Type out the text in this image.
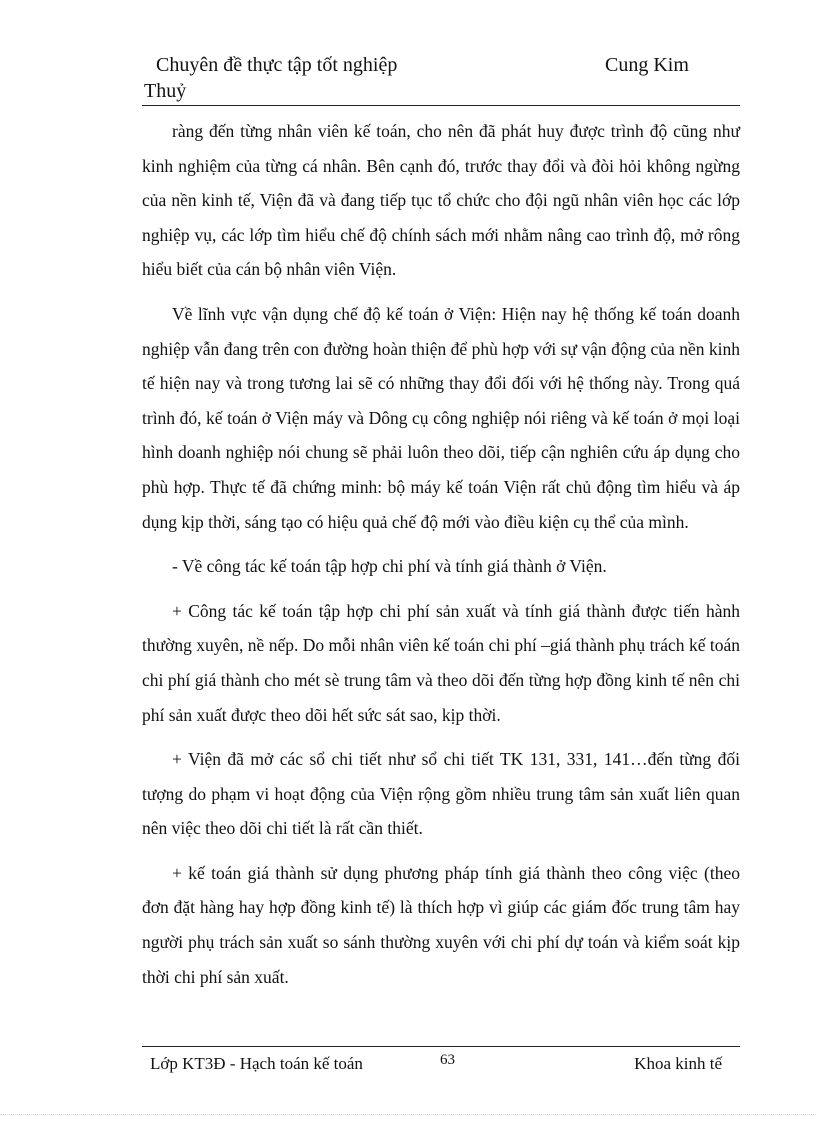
Chuyên đề thực tập tốt nghiệp	Cung Kim
Thuỷ

ràng đến từng nhân viên kế toán, cho nên đã phát huy được trình độ cũng như kinh nghiệm của từng cá nhân. Bên cạnh đó, trước thay đổi và đòi hỏi không ngừng của nền kinh tế, Viện đã và đang tiếp tục tổ chức cho đội ngũ nhân viên học các lớp nghiệp vụ, các lớp tìm hiểu chế độ chính sách mới nhằm nâng cao trình độ, mở rông hiểu biết của cán bộ nhân viên Viện.

Về lĩnh vực vận dụng chế độ kế toán ở Viện: Hiện nay hệ thống kế toán doanh nghiệp vẫn đang trên con đường hoàn thiện để phù hợp với sự vận động của nền kinh tế hiện nay và trong tương lai sẽ có những thay đổi đối với hệ thống này. Trong quá trình đó, kế toán ở Viện máy và Dông cụ công nghiệp nói riêng và kế toán ở mọi loại hình doanh nghiệp nói chung sẽ phải luôn theo dõi, tiếp cận nghiên cứu áp dụng cho phù hợp. Thực tế đã chứng minh: bộ máy kế toán Viện rất chủ động tìm hiểu và áp dụng kịp thời, sáng tạo có hiệu quả chế độ mới vào điều kiện cụ thể của mình.

- Về công tác kế toán tập hợp chi phí và tính giá thành ở Viện.

+ Công tác kế toán tập hợp chi phí sản xuất và tính giá thành được tiến hành thường xuyên, nề nếp. Do mỗi nhân viên kế toán chi phí –giá thành phụ trách kế toán chi phí giá thành cho mét sè trung tâm và theo dõi đến từng hợp đồng kinh tế nên chi phí sản xuất được theo dõi hết sức sát sao, kịp thời.

+ Viện đã mở các sổ chi tiết như sổ chi tiết TK 131, 331, 141…đến từng đối tượng do phạm vi hoạt động của Viện rộng gồm nhiều trung tâm sản xuất liên quan nên việc theo dõi chi tiết là rất cần thiết.

+ kế toán giá thành sử dụng phương pháp tính giá thành theo công việc (theo đơn đặt hàng hay hợp đồng kinh tế) là thích hợp vì giúp các giám đốc trung tâm hay người phụ trách sản xuất so sánh thường xuyên với chi phí dự toán và kiểm soát kịp thời chi phí sản xuất.

Lớp KT3Đ - Hạch toán kế toán	63	Khoa kinh tế
